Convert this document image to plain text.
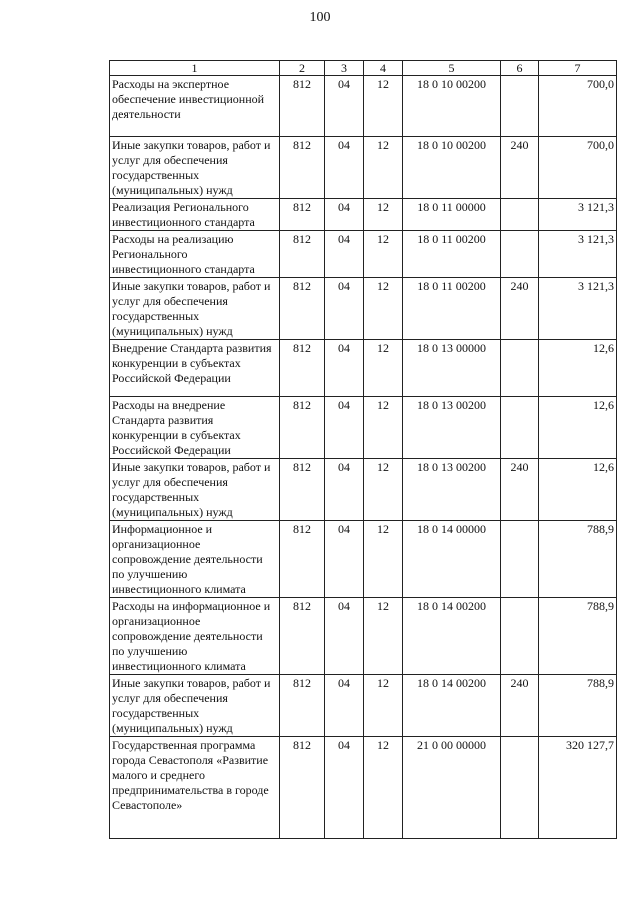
100
1	2	3	4	5	6	7
Расходы на экспертное обеспечение инвестиционной деятельности	812	04	12	18 0 10 00200		700,0
Иные закупки товаров, работ и услуг для обеспечения государственных (муниципальных) нужд	812	04	12	18 0 10 00200	240	700,0
Реализация Регионального инвестиционного стандарта	812	04	12	18 0 11 00000		3 121,3
Расходы на реализацию Регионального инвестиционного стандарта	812	04	12	18 0 11 00200		3 121,3
Иные закупки товаров, работ и услуг для обеспечения государственных (муниципальных) нужд	812	04	12	18 0 11 00200	240	3 121,3
Внедрение Стандарта развития конкуренции в субъектах Российской Федерации	812	04	12	18 0 13 00000		12,6
Расходы на внедрение Стандарта развития конкуренции в субъектах Российской Федерации	812	04	12	18 0 13 00200		12,6
Иные закупки товаров, работ и услуг для обеспечения государственных (муниципальных) нужд	812	04	12	18 0 13 00200	240	12,6
Информационное и организационное сопровождение деятельности по улучшению инвестиционного климата	812	04	12	18 0 14 00000		788,9
Расходы на информационное и организационное сопровождение деятельности по улучшению инвестиционного климата	812	04	12	18 0 14 00200		788,9
Иные закупки товаров, работ и услуг для обеспечения государственных (муниципальных) нужд	812	04	12	18 0 14 00200	240	788,9
Государственная программа города Севастополя «Развитие малого и среднего предпринимательства в городе Севастополе»	812	04	12	21 0 00 00000		320 127,7
